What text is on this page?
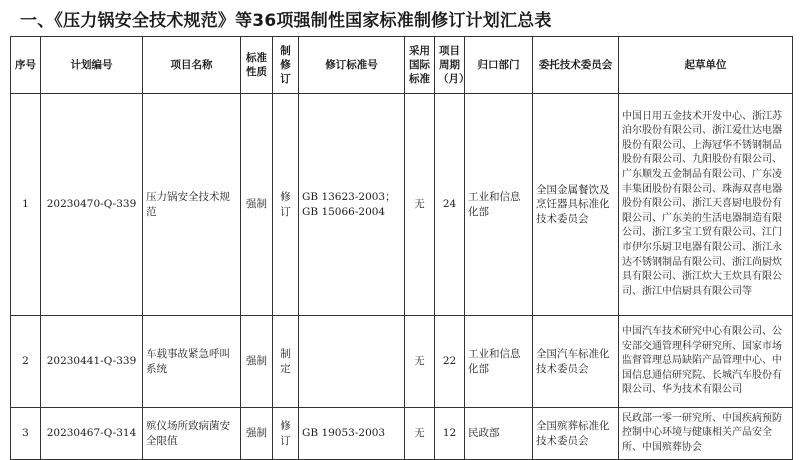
一、《压力锅安全技术规范》等36项强制性国家标准制修订计划汇总表
序号	计划编号	项目名称	标准性质	制修订	修订标准号	采用国际标准	项目周期（月）	归口部门	委托技术委员会	起草单位
1	20230470-Q-339	压力锅安全技术规范	强制	修订	GB 13623-2003；GB 15066-2004	无	24	工业和信息化部	全国金属餐饮及烹饪器具标准化技术委员会	中国日用五金技术开发中心、浙江苏泊尔股份有限公司、浙江爱仕达电器股份有限公司、上海冠华不锈钢制品股份有限公司、九阳股份有限公司、广东顺发五金制品有限公司、广东凌丰集团股份有限公司、珠海双喜电器股份有限公司、浙江天喜厨电股份有限公司、广东美的生活电器制造有限公司、浙江多宝工贸有限公司、江门市伊尔乐厨卫电器有限公司、浙江永达不锈钢制品有限公司、浙江尚厨炊具有限公司、浙江炊大王炊具有限公司、浙江中信厨具有限公司等
2	20230441-Q-339	车载事故紧急呼叫系统	强制	制定		无	22	工业和信息化部	全国汽车标准化技术委员会	中国汽车技术研究中心有限公司、公安部交通管理科学研究所、国家市场监督管理总局缺陷产品管理中心、中国信息通信研究院、长城汽车股份有限公司、华为技术有限公司
3	20230467-Q-314	殡仪场所致病菌安全限值	强制	修订	GB 19053-2003	无	12	民政部	全国殡葬标准化技术委员会	民政部一零一研究所、中国疾病预防控制中心环境与健康相关产品安全所、中国殡葬协会
